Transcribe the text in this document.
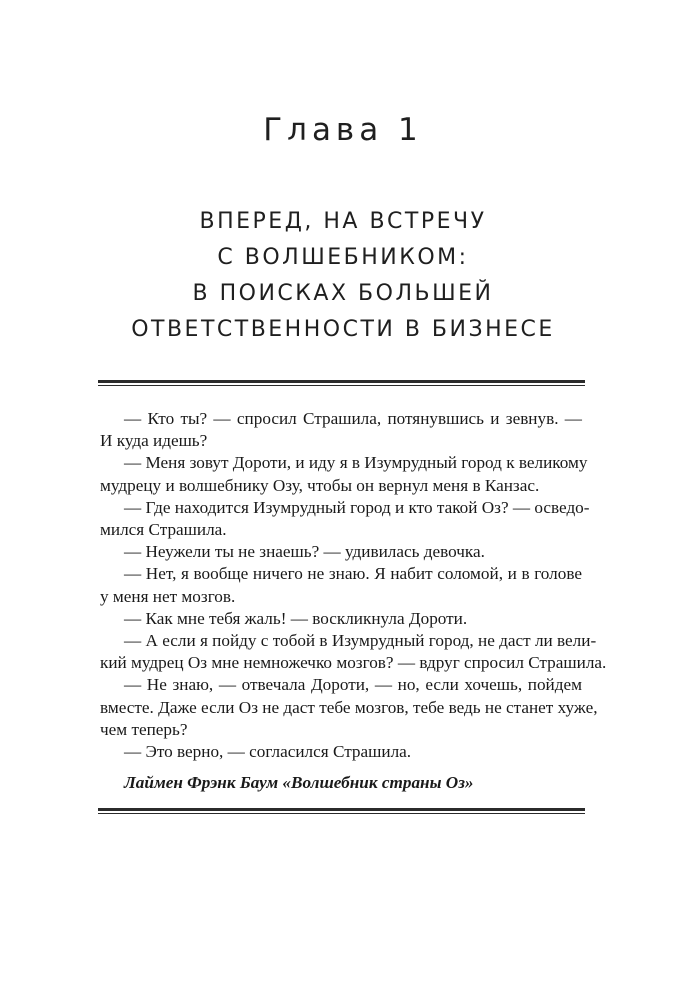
Глава 1
ВПЕРЕД, НА ВСТРЕЧУ
С ВОЛШЕБНИКОМ:
В ПОИСКАХ БОЛЬШЕЙ
ОТВЕТСТВЕННОСТИ В БИЗНЕСЕ
— Кто ты? — спросил Страшила, потянувшись и зевнув. —
И куда идешь?
— Меня зовут Дороти, и иду я в Изумрудный город к великому
мудрецу и волшебнику Озу, чтобы он вернул меня в Канзас.
— Где находится Изумрудный город и кто такой Оз? — осведо-
мился Страшила.
— Неужели ты не знаешь? — удивилась девочка.
— Нет, я вообще ничего не знаю. Я набит соломой, и в голове
у меня нет мозгов.
— Как мне тебя жаль! — воскликнула Дороти.
— А если я пойду с тобой в Изумрудный город, не даст ли вели-
кий мудрец Оз мне немножечко мозгов? — вдруг спросил Страшила.
— Не знаю, — отвечала Дороти, — но, если хочешь, пойдем
вместе. Даже если Оз не даст тебе мозгов, тебе ведь не станет хуже,
чем теперь?
— Это верно, — согласился Страшила.
Лаймен Фрэнк Баум «Волшебник страны Оз»
